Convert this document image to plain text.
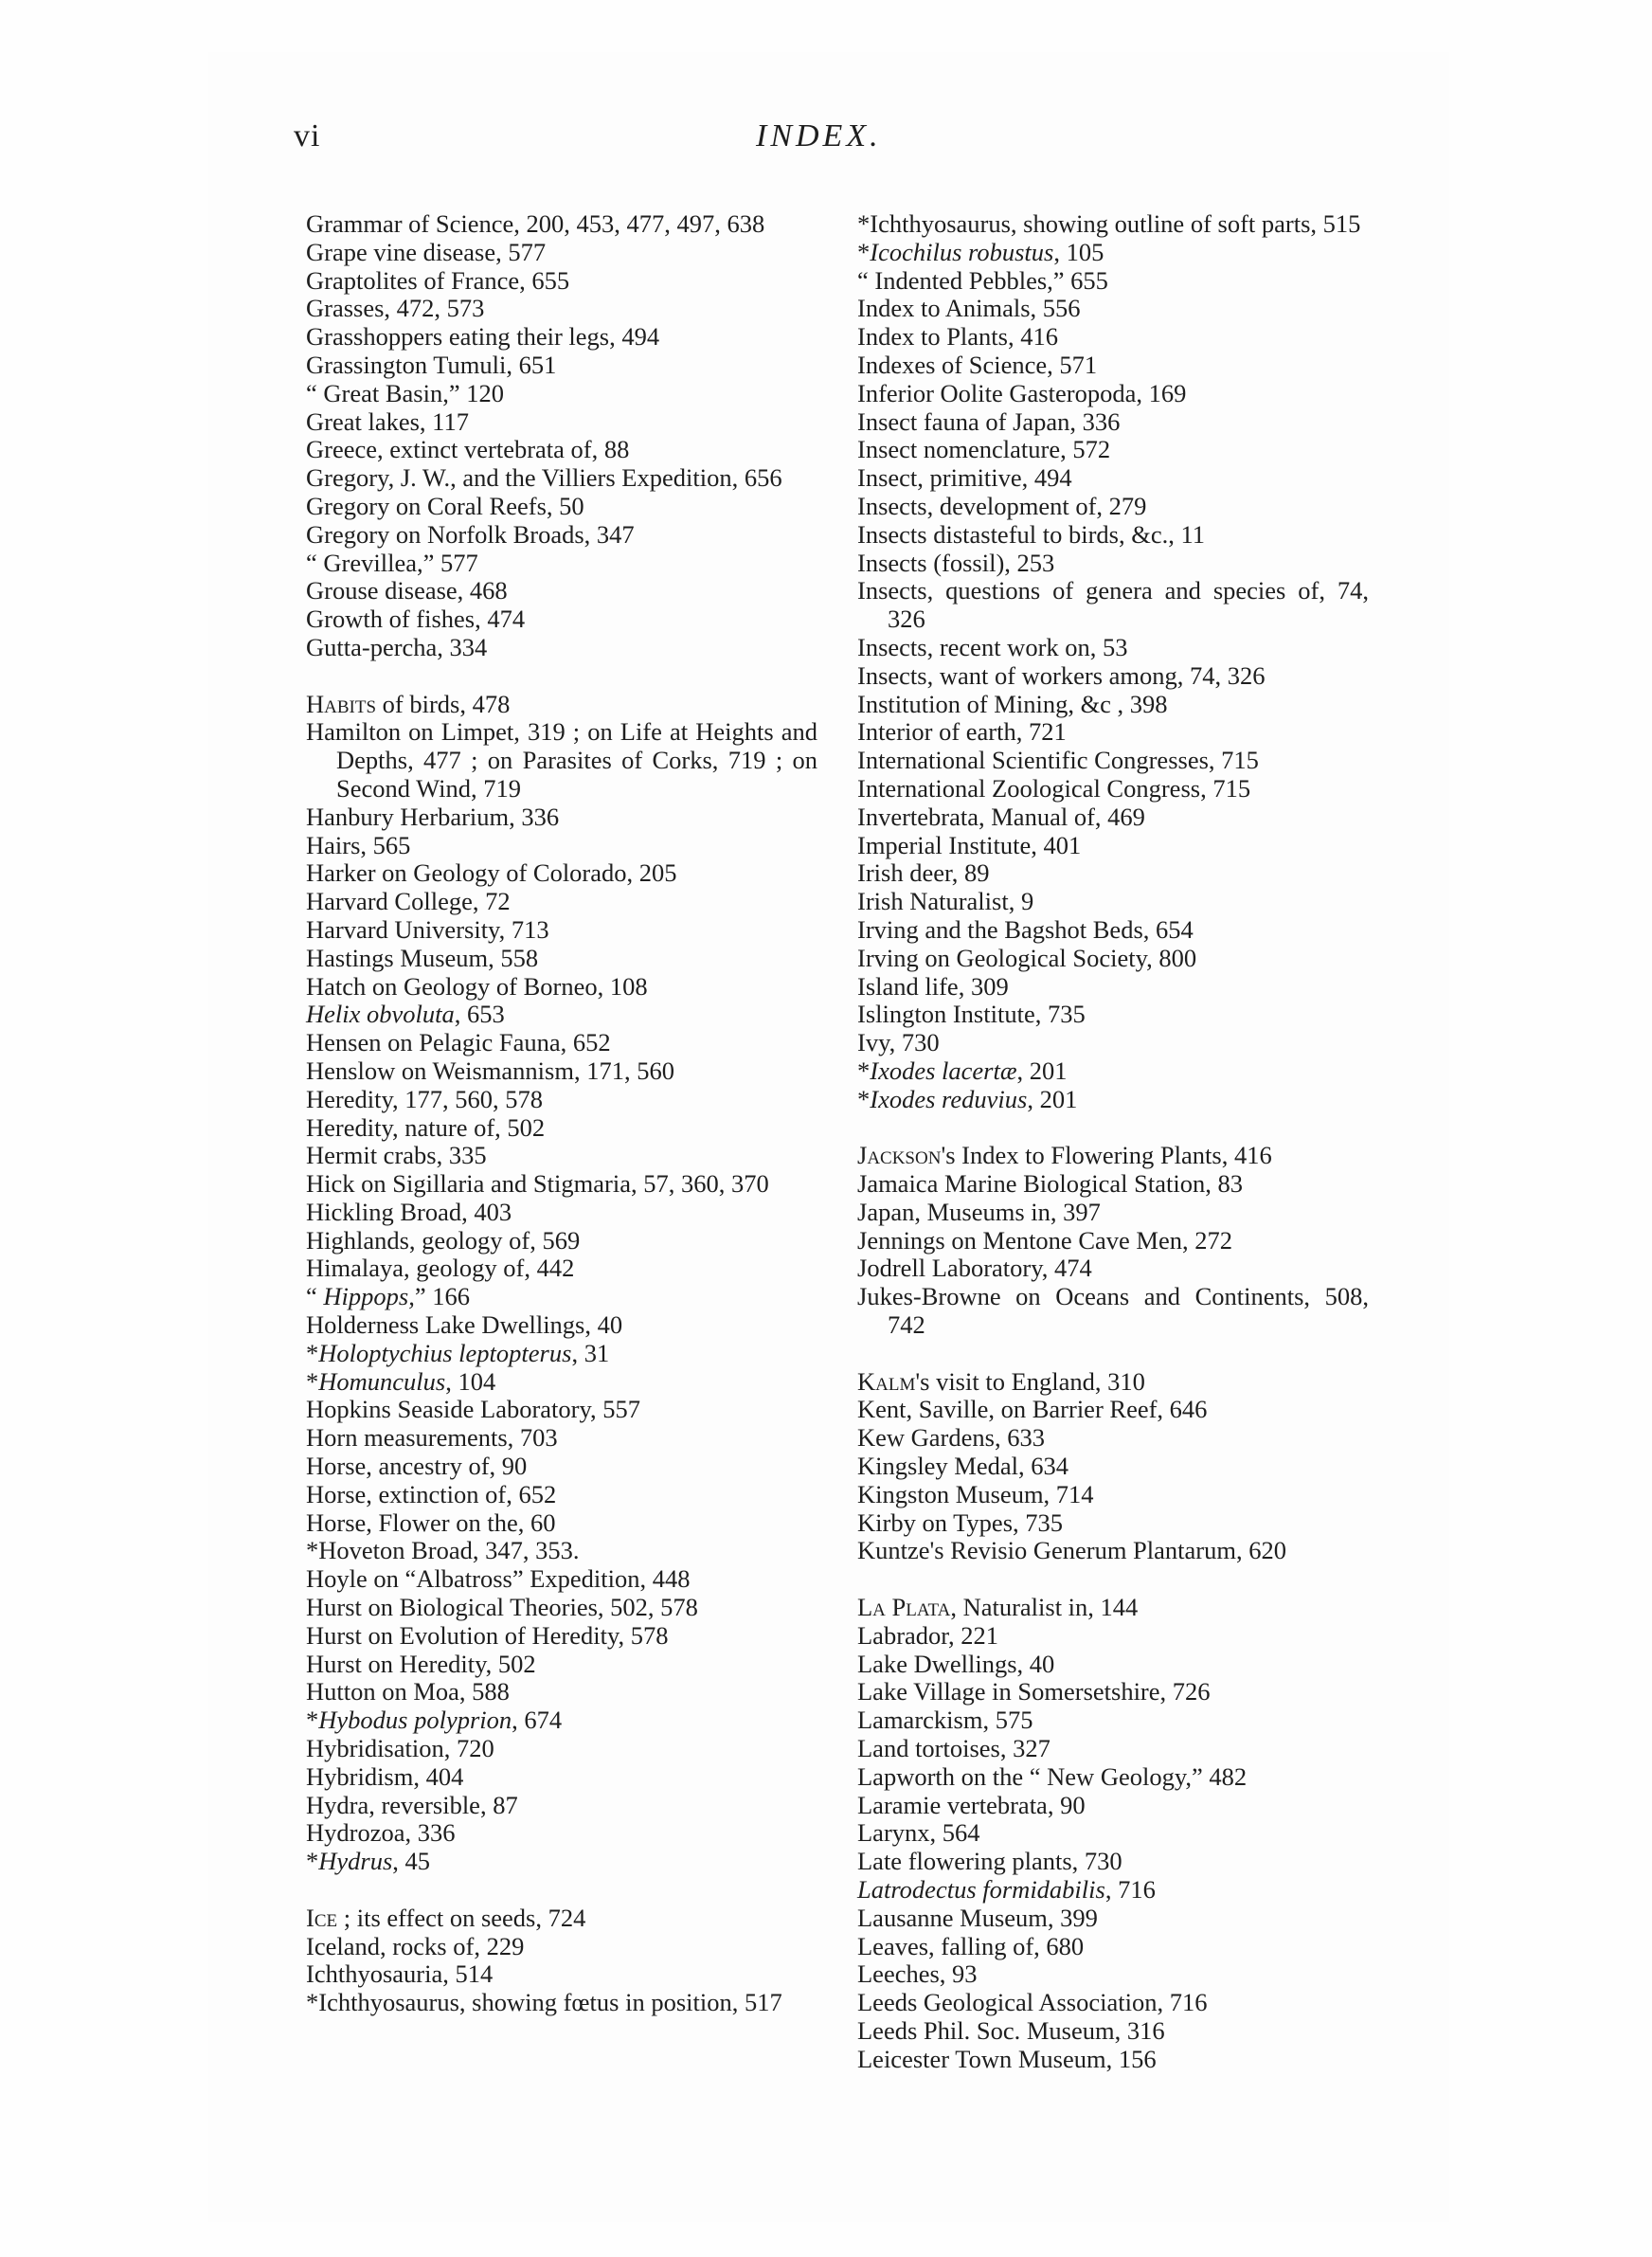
vi	INDEX.
Grammar of Science, 200, 453, 477, 497, 638
Grape vine disease, 577
Graptolites of France, 655
Grasses, 472, 573
Grasshoppers eating their legs, 494
Grassington Tumuli, 651
“ Great Basin,” 120
Great lakes, 117
Greece, extinct vertebrata of, 88
Gregory, J. W., and the Villiers Expedition, 656
Gregory on Coral Reefs, 50
Gregory on Norfolk Broads, 347
“ Grevillea,” 577
Grouse disease, 468
Growth of fishes, 474
Gutta-percha, 334
Habits of birds, 478
Hamilton on Limpet, 319 ; on Life at Heights and Depths, 477 ; on Parasites of Corks, 719 ; on Second Wind, 719
Hanbury Herbarium, 336
Hairs, 565
Harker on Geology of Colorado, 205
Harvard College, 72
Harvard University, 713
Hastings Museum, 558
Hatch on Geology of Borneo, 108
Helix obvoluta, 653
Hensen on Pelagic Fauna, 652
Henslow on Weismannism, 171, 560
Heredity, 177, 560, 578
Heredity, nature of, 502
Hermit crabs, 335
Hick on Sigillaria and Stigmaria, 57, 360, 370
Hickling Broad, 403
Highlands, geology of, 569
Himalaya, geology of, 442
“ Hippops,” 166
Holderness Lake Dwellings, 40
*Holoptychius leptopterus, 31
*Homunculus, 104
Hopkins Seaside Laboratory, 557
Horn measurements, 703
Horse, ancestry of, 90
Horse, extinction of, 652
Horse, Flower on the, 60
*Hoveton Broad, 347, 353.
Hoyle on “Albatross” Expedition, 448
Hurst on Biological Theories, 502, 578
Hurst on Evolution of Heredity, 578
Hurst on Heredity, 502
Hutton on Moa, 588
*Hybodus polyprion, 674
Hybridisation, 720
Hybridism, 404
Hydra, reversible, 87
Hydrozoa, 336
*Hydrus, 45
Ice ; its effect on seeds, 724
Iceland, rocks of, 229
Ichthyosauria, 514
*Ichthyosaurus, showing fœtus in position, 517
*Ichthyosaurus, showing outline of soft parts, 515
*Icochilus robustus, 105
“ Indented Pebbles,” 655
Index to Animals, 556
Index to Plants, 416
Indexes of Science, 571
Inferior Oolite Gasteropoda, 169
Insect fauna of Japan, 336
Insect nomenclature, 572
Insect, primitive, 494
Insects, development of, 279
Insects distasteful to birds, &c., 11
Insects (fossil), 253
Insects, questions of genera and species of, 74, 326
Insects, recent work on, 53
Insects, want of workers among, 74, 326
Institution of Mining, &c , 398
Interior of earth, 721
International Scientific Congresses, 715
International Zoological Congress, 715
Invertebrata, Manual of, 469
Imperial Institute, 401
Irish deer, 89
Irish Naturalist, 9
Irving and the Bagshot Beds, 654
Irving on Geological Society, 800
Island life, 309
Islington Institute, 735
Ivy, 730
*Ixodes lacertæ, 201
*Ixodes reduvius, 201
Jackson's Index to Flowering Plants, 416
Jamaica Marine Biological Station, 83
Japan, Museums in, 397
Jennings on Mentone Cave Men, 272
Jodrell Laboratory, 474
Jukes-Browne on Oceans and Continents, 508, 742
Kalm's visit to England, 310
Kent, Saville, on Barrier Reef, 646
Kew Gardens, 633
Kingsley Medal, 634
Kingston Museum, 714
Kirby on Types, 735
Kuntze's Revisio Generum Plantarum, 620
La Plata, Naturalist in, 144
Labrador, 221
Lake Dwellings, 40
Lake Village in Somersetshire, 726
Lamarckism, 575
Land tortoises, 327
Lapworth on the “ New Geology,” 482
Laramie vertebrata, 90
Larynx, 564
Late flowering plants, 730
Latrodectus formidabilis, 716
Lausanne Museum, 399
Leaves, falling of, 680
Leeches, 93
Leeds Geological Association, 716
Leeds Phil. Soc. Museum, 316
Leicester Town Museum, 156
